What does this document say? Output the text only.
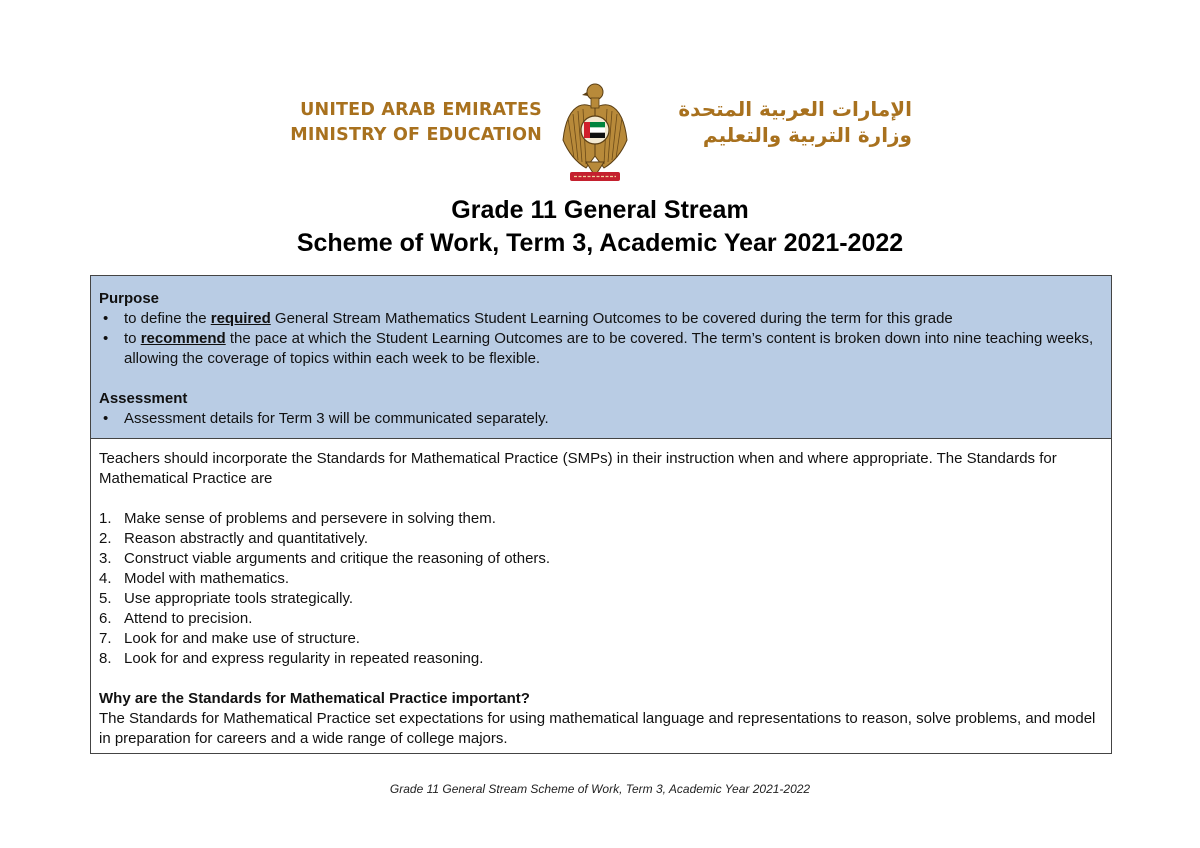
UNITED ARAB EMIRATES
MINISTRY OF EDUCATION
الإمارات العربية المتحدة
وزارة التربية والتعليم
Grade 11 General Stream
Scheme of Work, Term 3, Academic Year 2021-2022
Purpose
• to define the required General Stream Mathematics Student Learning Outcomes to be covered during the term for this grade
• to recommend the pace at which the Student Learning Outcomes are to be covered. The term’s content is broken down into nine teaching weeks, allowing the coverage of topics within each week to be flexible.
Assessment
• Assessment details for Term 3 will be communicated separately.
Teachers should incorporate the Standards for Mathematical Practice (SMPs) in their instruction when and where appropriate. The Standards for Mathematical Practice are
1. Make sense of problems and persevere in solving them.
2. Reason abstractly and quantitatively.
3. Construct viable arguments and critique the reasoning of others.
4. Model with mathematics.
5. Use appropriate tools strategically.
6. Attend to precision.
7. Look for and make use of structure.
8. Look for and express regularity in repeated reasoning.
Why are the Standards for Mathematical Practice important?
The Standards for Mathematical Practice set expectations for using mathematical language and representations to reason, solve problems, and model in preparation for careers and a wide range of college majors.
Grade 11 General Stream Scheme of Work, Term 3, Academic Year 2021-2022
